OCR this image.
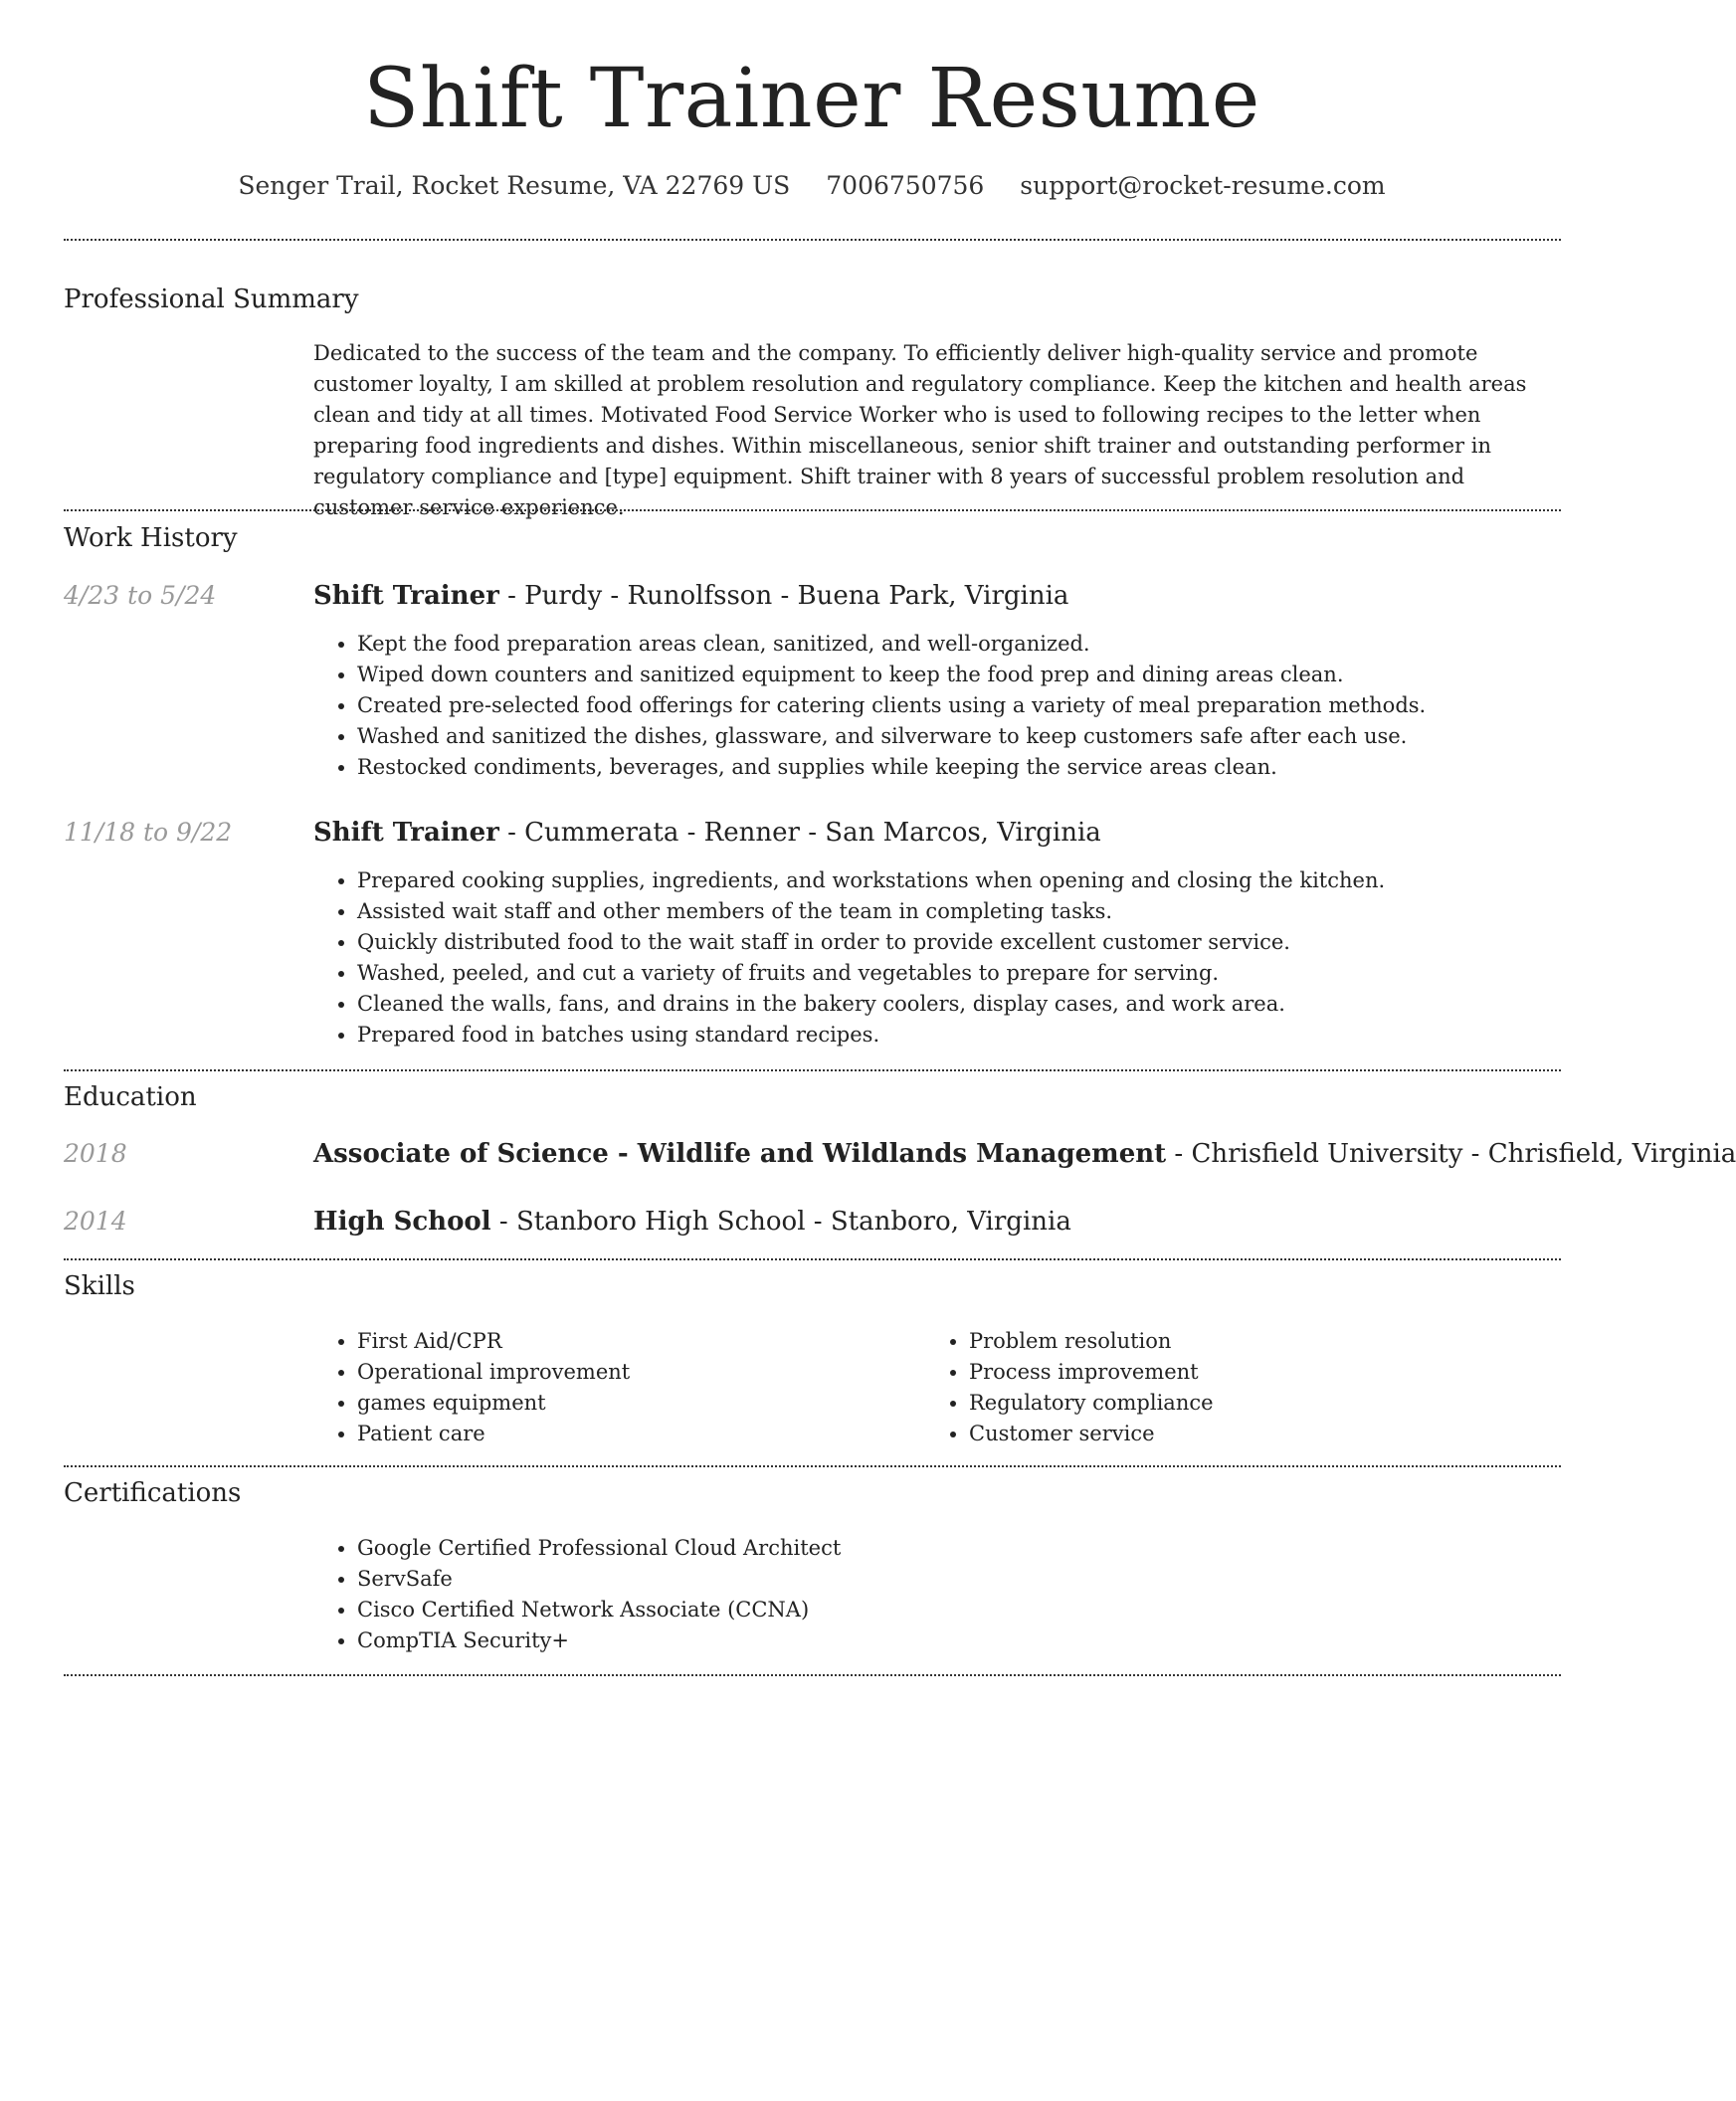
Shift Trainer Resume
Senger Trail, Rocket Resume, VA 22769 US 7006750756 support@rocket-resume.com
Professional Summary

Dedicated to the success of the team and the company. To efficiently deliver high-quality service and promote customer loyalty, I am skilled at problem resolution and regulatory compliance. Keep the kitchen and health areas clean and tidy at all times. Motivated Food Service Worker who is used to following recipes to the letter when preparing food ingredients and dishes. Within miscellaneous, senior shift trainer and outstanding performer in regulatory compliance and [type] equipment. Shift trainer with 8 years of successful problem resolution and customer service experience.

Work History
4/23 to 5/24	Shift Trainer - Purdy - Runolfsson - Buena Park, Virginia
• Kept the food preparation areas clean, sanitized, and well-organized.
• Wiped down counters and sanitized equipment to keep the food prep and dining areas clean.
• Created pre-selected food offerings for catering clients using a variety of meal preparation methods.
• Washed and sanitized the dishes, glassware, and silverware to keep customers safe after each use.
• Restocked condiments, beverages, and supplies while keeping the service areas clean.
11/18 to 9/22	Shift Trainer - Cummerata - Renner - San Marcos, Virginia
• Prepared cooking supplies, ingredients, and workstations when opening and closing the kitchen.
• Assisted wait staff and other members of the team in completing tasks.
• Quickly distributed food to the wait staff in order to provide excellent customer service.
• Washed, peeled, and cut a variety of fruits and vegetables to prepare for serving.
• Cleaned the walls, fans, and drains in the bakery coolers, display cases, and work area.
• Prepared food in batches using standard recipes.
Education
2018	Associate of Science - Wildlife and Wildlands Management - Chrisfield University - Chrisfield, Virginia
2014	High School - Stanboro High School - Stanboro, Virginia
Skills
• First Aid/CPR
• Operational improvement
• games equipment
• Patient care
• Problem resolution
• Process improvement
• Regulatory compliance
• Customer service
Certifications
• Google Certified Professional Cloud Architect
• ServSafe
• Cisco Certified Network Associate (CCNA)
• CompTIA Security+
